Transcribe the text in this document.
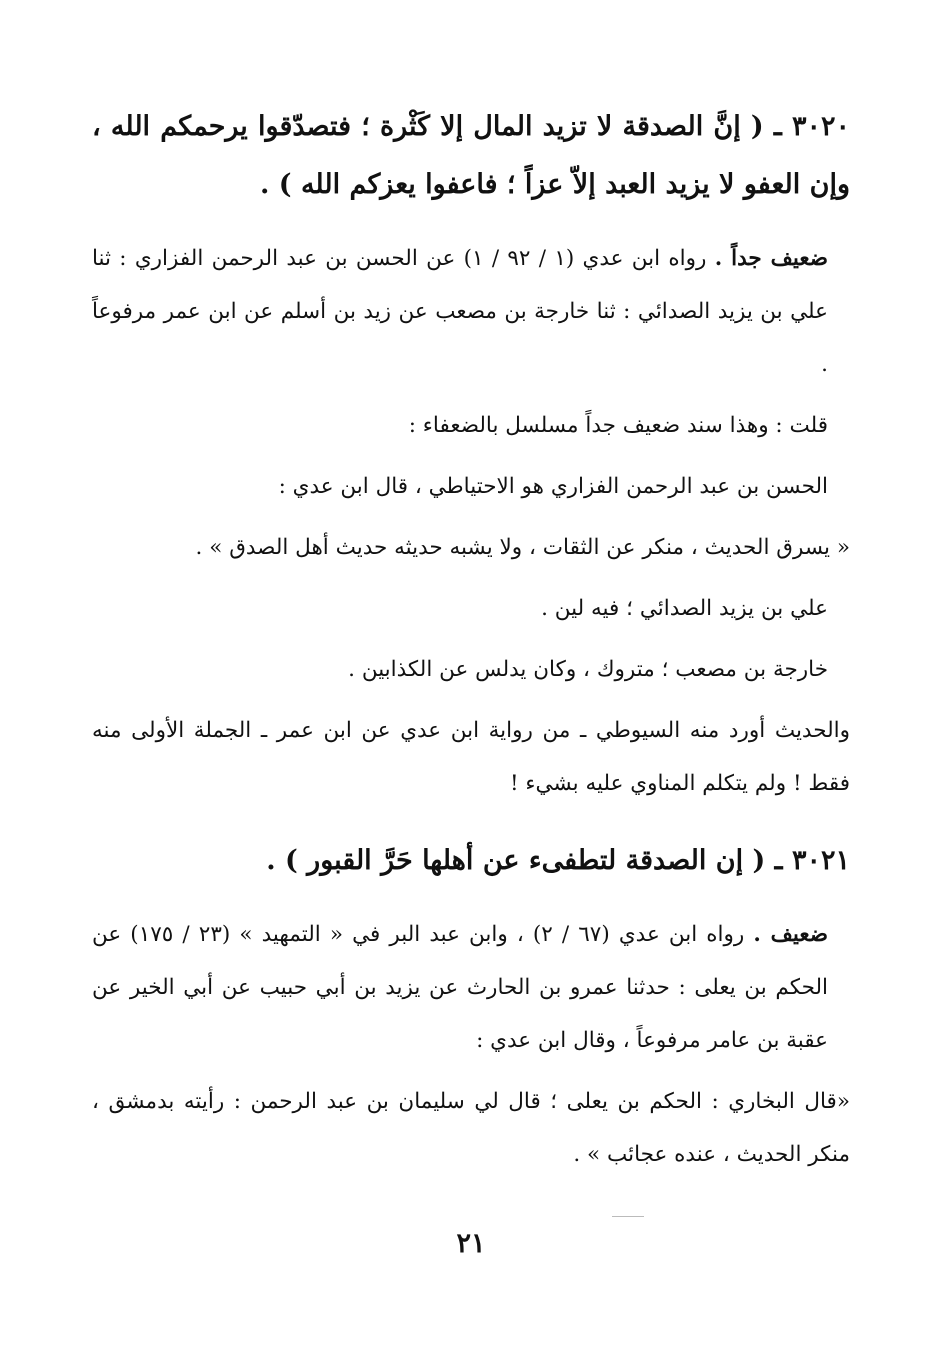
٣٠٢٠ ـ ( إنَّ الصدقة لا تزيد المال إلا كَثْرة ؛ فتصدّقوا يرحمكم الله ، وإن العفو لا يزيد العبد إلاّ عزاً ؛ فاعفوا يعزكم الله ) .
ضعيف جداً . رواه ابن عدي (١ / ٩٢ / ١) عن الحسن بن عبد الرحمن الفزاري : ثنا علي بن يزيد الصدائي : ثنا خارجة بن مصعب عن زيد بن أسلم عن ابن عمر مرفوعاً .
قلت : وهذا سند ضعيف جداً مسلسل بالضعفاء :
الحسن بن عبد الرحمن الفزاري هو الاحتياطي ، قال ابن عدي :
« يسرق الحديث ، منكر عن الثقات ، ولا يشبه حديثه حديث أهل الصدق » .
علي بن يزيد الصدائي ؛ فيه لين .
خارجة بن مصعب ؛ متروك ، وكان يدلس عن الكذابين .
والحديث أورد منه السيوطي ـ من رواية ابن عدي عن ابن عمر ـ الجملة الأولى منه فقط ! ولم يتكلم المناوي عليه بشيء !
٣٠٢١ ـ ( إن الصدقة لتطفىء عن أهلها حَرَّ القبور ) .
ضعيف . رواه ابن عدي (٦٧ / ٢) ، وابن عبد البر في « التمهيد » (٢٣ / ١٧٥) عن الحكم بن يعلى : حدثنا عمرو بن الحارث عن يزيد بن أبي حبيب عن أبي الخير عن عقبة بن عامر مرفوعاً ، وقال ابن عدي :
«قال البخاري : الحكم بن يعلى ؛ قال لي سليمان بن عبد الرحمن : رأيته بدمشق ، منكر الحديث ، عنده عجائب » .
٢١
